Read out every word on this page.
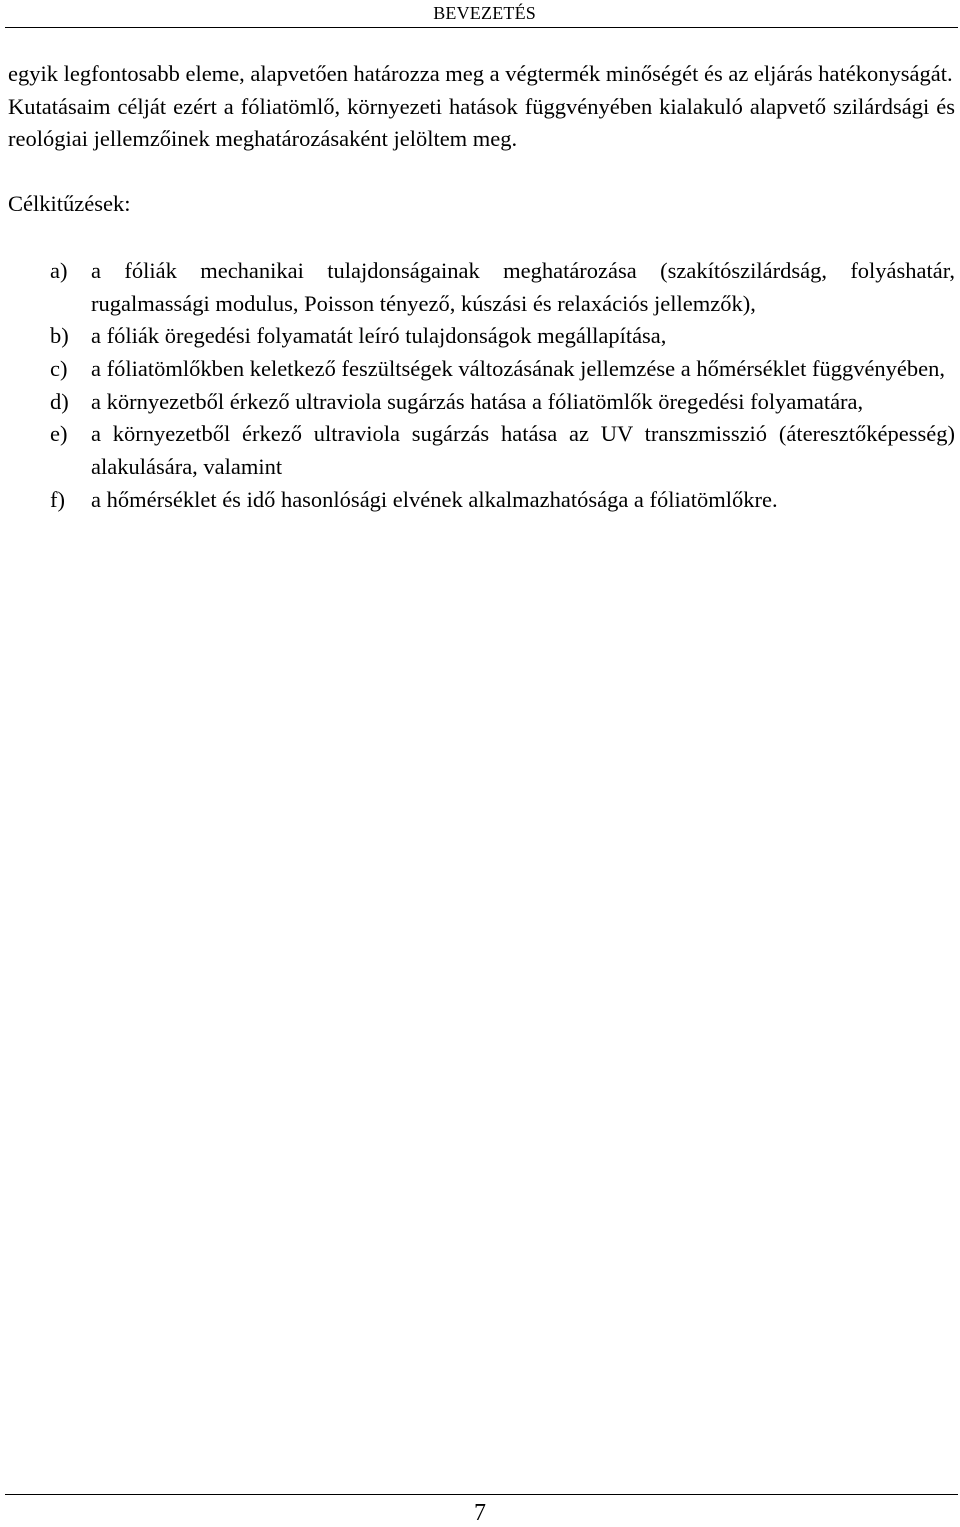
BEVEZETÉS

egyik legfontosabb eleme, alapvetően határozza meg a végtermék minőségét és az eljárás hatékonyságát.

Kutatásaim célját ezért a fóliatömlő, környezeti hatások függvényében kialakuló alapvető szilárdsági és reológiai jellemzőinek meghatározásaként jelöltem meg.

Célkitűzések:

a)	a fóliák mechanikai tulajdonságainak meghatározása (szakítószilárdság, folyáshatár, rugalmassági modulus, Poisson tényező, kúszási és relaxációs jellemzők),
b) a fóliák öregedési folyamatát leíró tulajdonságok megállapítása,
c)	a fóliatömlőkben keletkező feszültségek változásának jellemzése a hőmérséklet függvényében,
d) a környezetből érkező ultraviola sugárzás hatása a fóliatömlők öregedési folyamatára,
e)	a környezetből érkező ultraviola sugárzás hatása az UV transzmisszió (áteresztőképesség) alakulására, valamint
f)	a hőmérséklet és idő hasonlósági elvének alkalmazhatósága a fóliatömlőkre.
7
